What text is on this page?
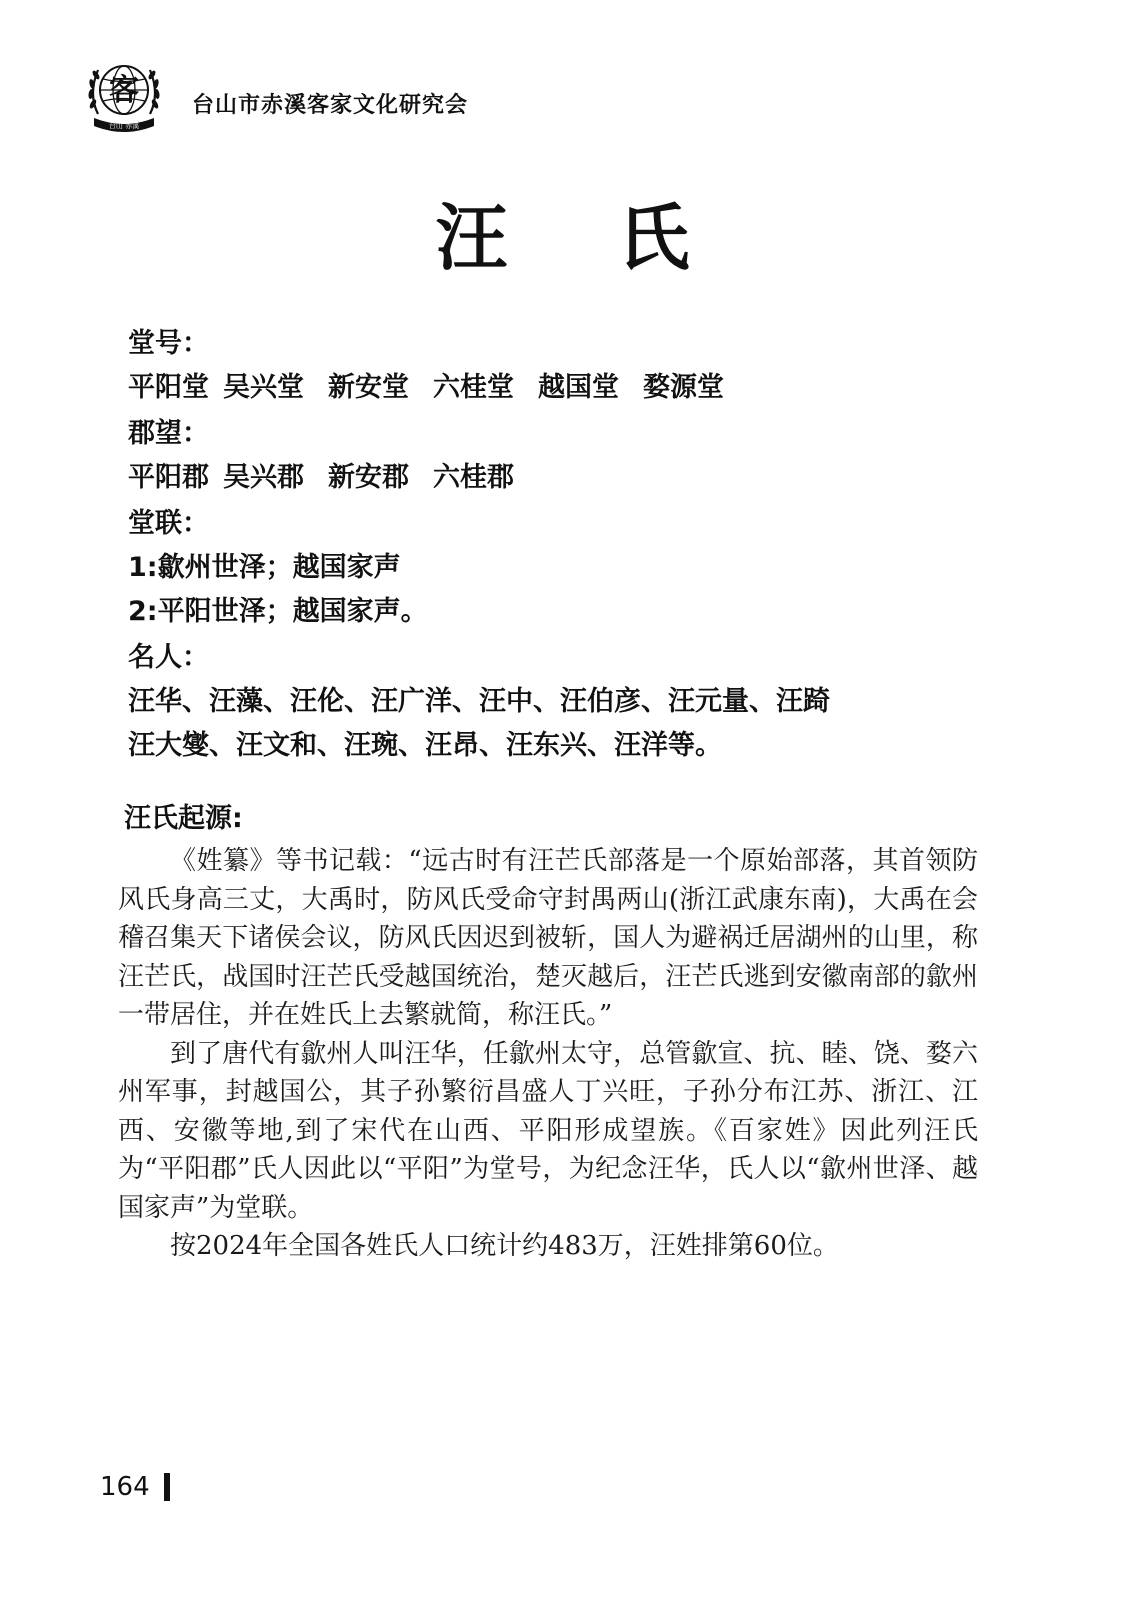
客
台山 赤溪
台山市赤溪客家文化研究会
汪氏
堂号：
平阳堂 吴兴堂 新安堂 六桂堂 越国堂 婺源堂
郡望：
平阳郡 吴兴郡 新安郡 六桂郡
堂联：
1:歙州世泽；越国家声
2:平阳世泽；越国家声。
名人：
汪华、汪藻、汪伦、汪广洋、汪中、汪伯彦、汪元量、汪踦
汪大燮、汪文和、汪琬、汪昂、汪东兴、汪洋等。
汪氏起源:

《姓纂》等书记载：“远古时有汪芒氏部落是一个原始部落，其首领防风氏身高三丈，大禹时，防风氏受命守封禺两山(浙江武康东南)，大禹在会稽召集天下诸侯会议，防风氏因迟到被斩，国人为避祸迁居湖州的山里，称汪芒氏，战国时汪芒氏受越国统治，楚灭越后，汪芒氏逃到安徽南部的歙州一带居住，并在姓氏上去繁就简，称汪氏。”

到了唐代有歙州人叫汪华，任歙州太守，总管歙宣、抗、睦、饶、婺六州军事，封越国公，其子孙繁衍昌盛人丁兴旺，子孙分布江苏、浙江、江西、安徽等地,到了宋代在山西、平阳形成望族。《百家姓》因此列汪氏为“平阳郡”氏人因此以“平阳”为堂号，为纪念汪华，氏人以“歙州世泽、越国家声”为堂联。

按2024年全国各姓氏人口统计约483万，汪姓排第60位。

164
